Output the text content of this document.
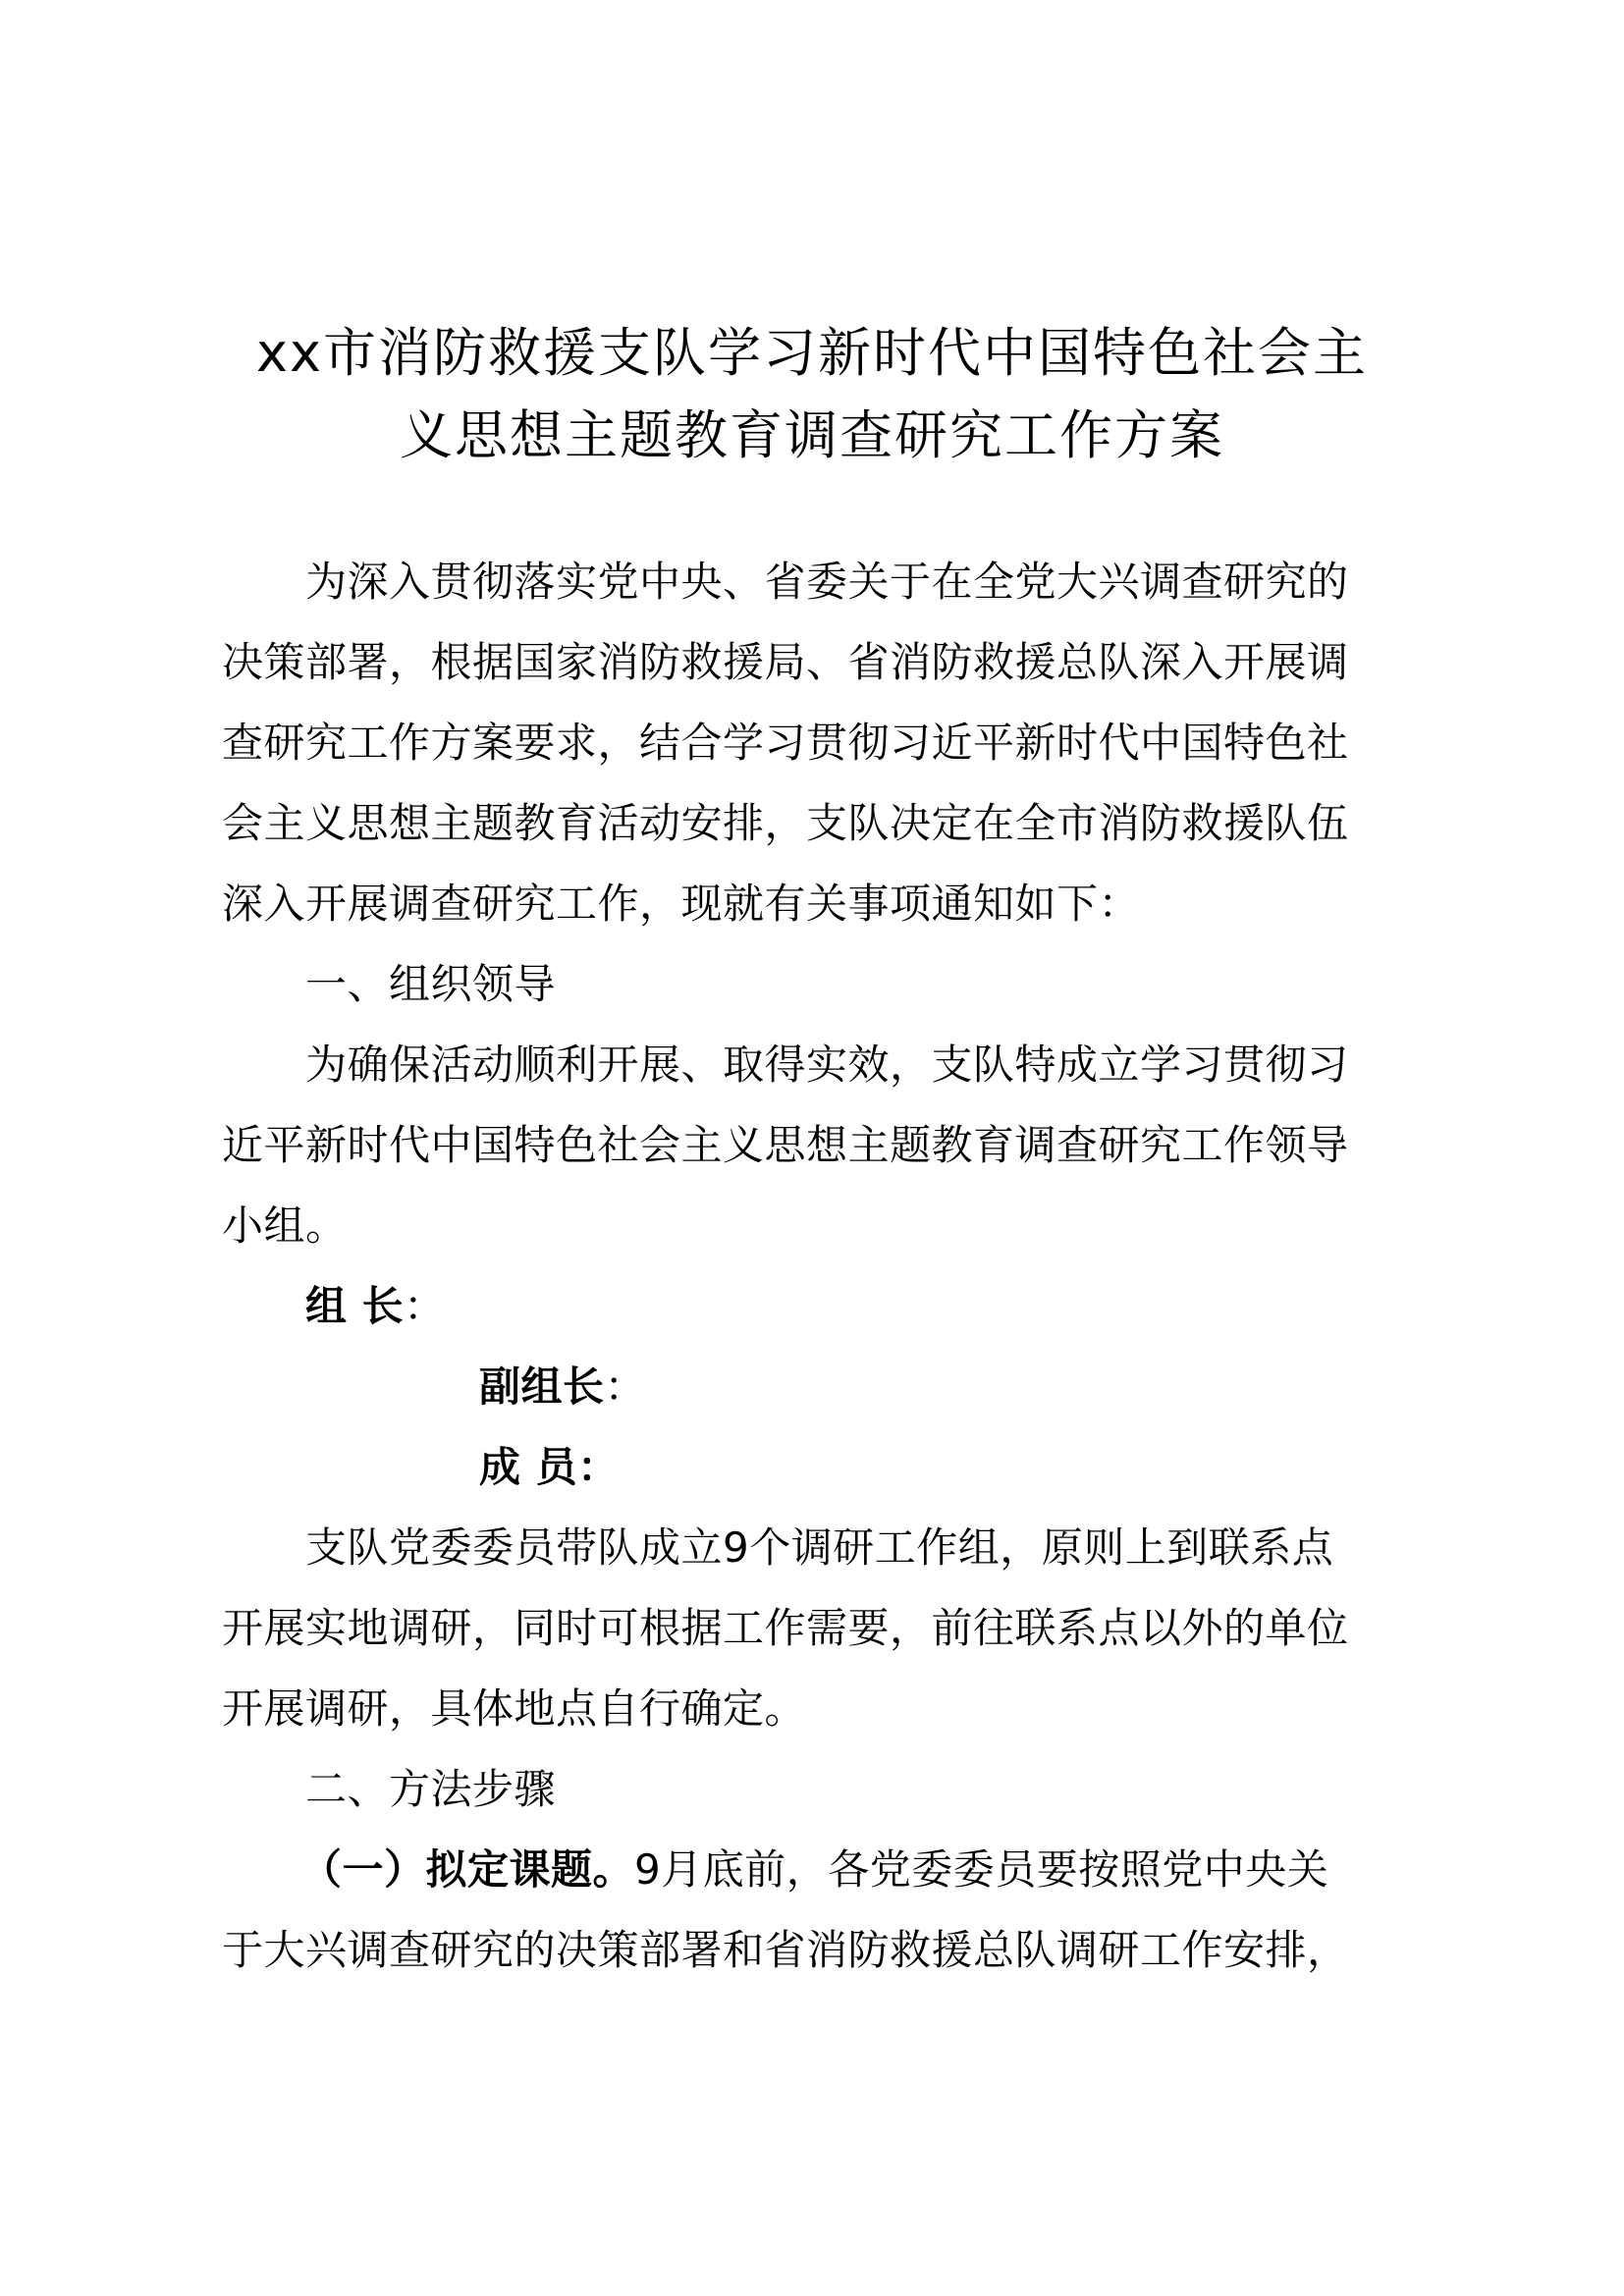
xx市消防救援支队学习新时代中国特色社会主
义思想主题教育调查研究工作方案
为深入贯彻落实党中央、省委关于在全党大兴调查研究的
决策部署，根据国家消防救援局、省消防救援总队深入开展调
查研究工作方案要求，结合学习贯彻习近平新时代中国特色社
会主义思想主题教育活动安排，支队决定在全市消防救援队伍
深入开展调查研究工作，现就有关事项通知如下：
一、组织领导
为确保活动顺利开展、取得实效，支队特成立学习贯彻习
近平新时代中国特色社会主义思想主题教育调查研究工作领导
小组。
组 长：
副组长：
成 员：
支队党委委员带队成立9个调研工作组，原则上到联系点
开展实地调研，同时可根据工作需要，前往联系点以外的单位
开展调研，具体地点自行确定。
二、方法步骤
（一）拟定课题。9月底前，各党委委员要按照党中央关
于大兴调查研究的决策部署和省消防救援总队调研工作安排，
